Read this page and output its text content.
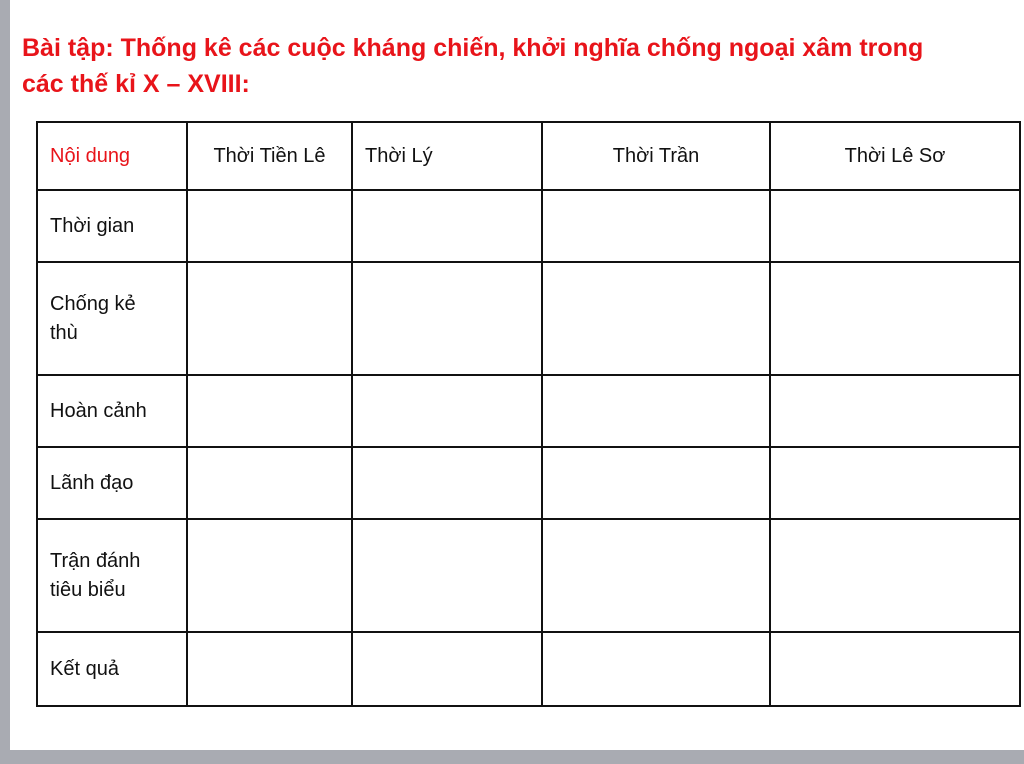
Bài tập: Thống kê các cuộc kháng chiến, khởi nghĩa chống ngoại xâm trong
các thế kỉ X – XVIII:
Nội dung	Thời Tiền Lê	Thời Lý	Thời Trần	Thời Lê Sơ
Thời gian				
Chống kẻ thù				
Hoàn cảnh				
Lãnh đạo				
Trận đánh tiêu biểu				
Kết quả				
